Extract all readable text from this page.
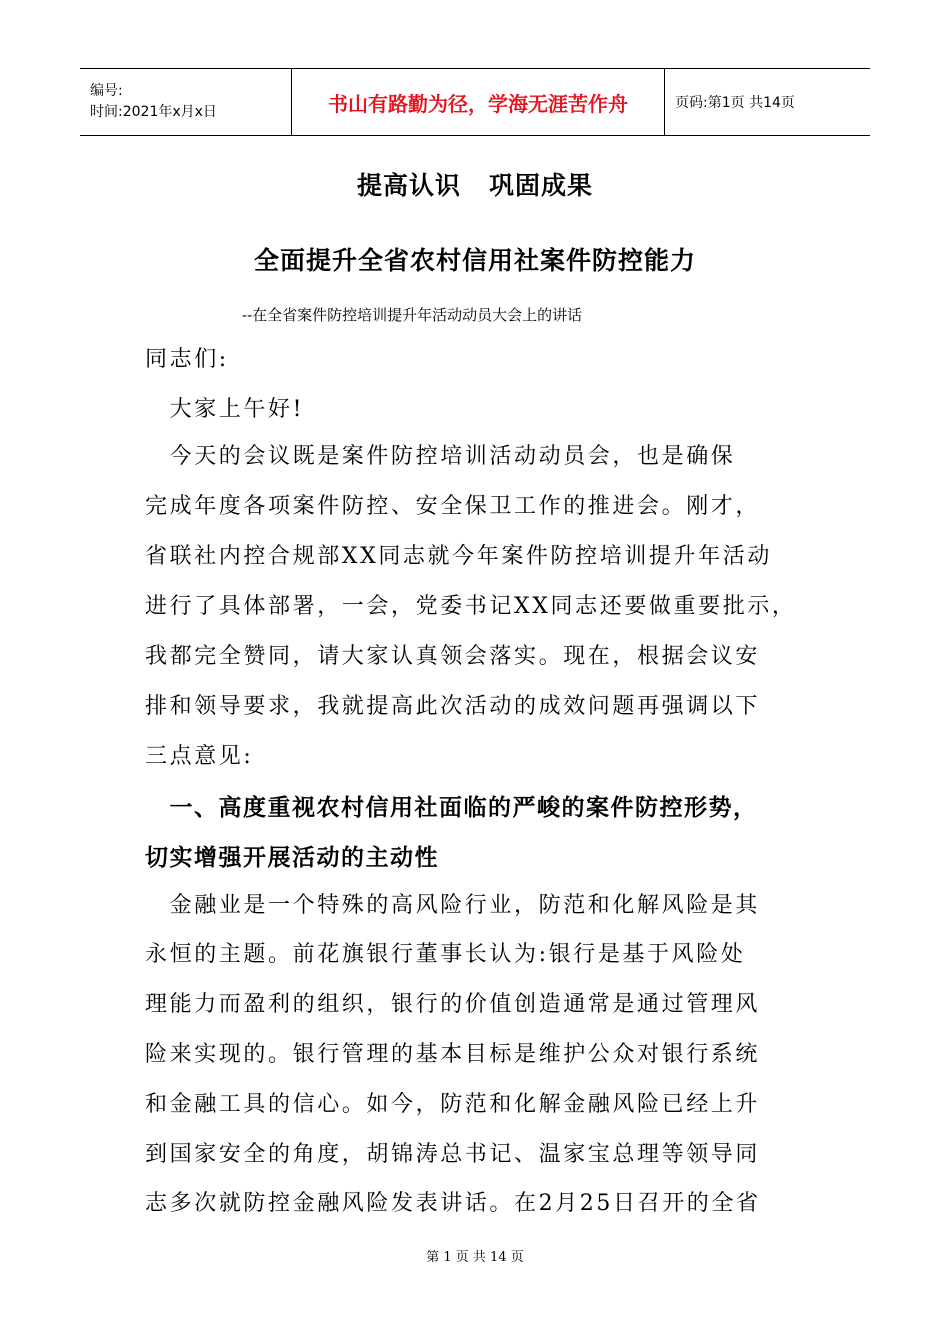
编号:
时间:2021年x月x日	书山有路勤为径，学海无涯苦作舟	页码:第1页 共14页
提高认识 巩固成果
全面提升全省农村信用社案件防控能力
--在全省案件防控培训提升年活动动员大会上的讲话
同志们:
　大家上午好!
　今天的会议既是案件防控培训活动动员会，也是确保
完成年度各项案件防控、安全保卫工作的推进会。刚才，
省联社内控合规部XX同志就今年案件防控培训提升年活动
进行了具体部署，一会，党委书记XX同志还要做重要批示，
我都完全赞同，请大家认真领会落实。现在，根据会议安
排和领导要求，我就提高此次活动的成效问题再强调以下
三点意见:
　一、高度重视农村信用社面临的严峻的案件防控形势，
切实增强开展活动的主动性
　金融业是一个特殊的高风险行业，防范和化解风险是其
永恒的主题。前花旗银行董事长认为:银行是基于风险处
理能力而盈利的组织，银行的价值创造通常是通过管理风
险来实现的。银行管理的基本目标是维护公众对银行系统
和金融工具的信心。如今，防范和化解金融风险已经上升
到国家安全的角度，胡锦涛总书记、温家宝总理等领导同
志多次就防控金融风险发表讲话。在2月25日召开的全省
第 1 页 共 14 页
